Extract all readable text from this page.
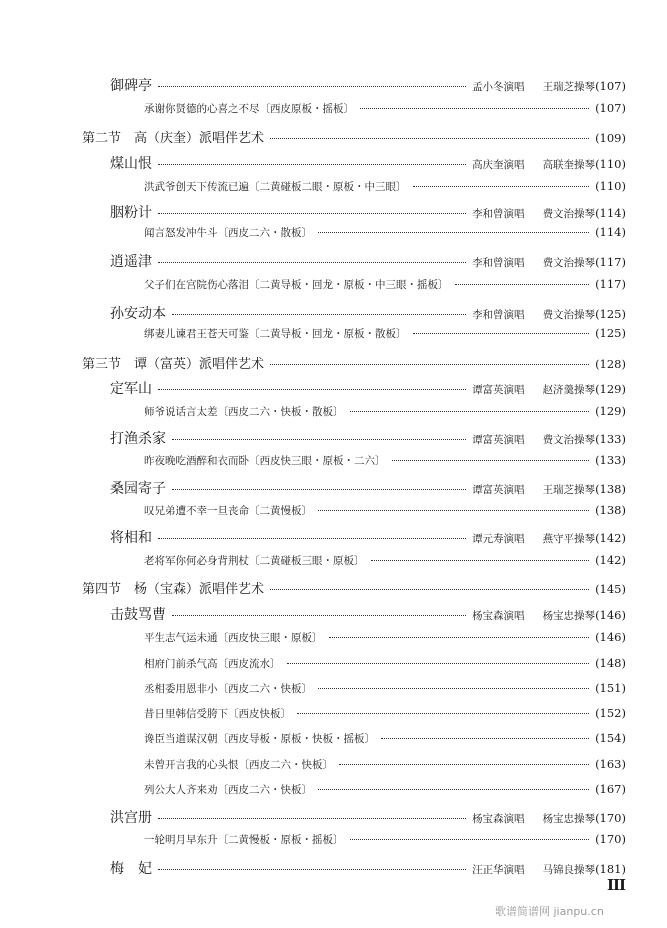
御碑亭	孟小冬演唱 王瑞芝操琴 (107)
承谢你贤德的心喜之不尽〔西皮原板・摇板〕	(107)
第二节　高（庆奎）派唱伴艺术	(109)
煤山恨	高庆奎演唱 高联奎操琴 (110)
洪武爷创天下传流已遍〔二黄碰板二眼・原板・中三眼〕	(110)
胭粉计	李和曾演唱 费文治操琴 (114)
闻言怒发冲牛斗〔西皮二六・散板〕	(114)
逍遥津	李和曾演唱 费文治操琴 (117)
父子们在宫院伤心落泪〔二黄导板・回龙・原板・中三眼・摇板〕	(117)
孙安动本	李和曾演唱 费文治操琴 (125)
绑妻儿谏君王苍天可鉴〔二黄导板・回龙・原板・散板〕	(125)
第三节　谭（富英）派唱伴艺术	(128)
定军山	谭富英演唱 赵济羹操琴 (129)
师爷说话言太差〔西皮二六・快板・散板〕	(129)
打渔杀家	谭富英演唱 费文治操琴 (133)
昨夜晚吃酒醉和衣而卧〔西皮快三眼・原板・二六〕	(133)
桑园寄子	谭富英演唱 王瑞芝操琴 (138)
叹兄弟遭不幸一旦丧命〔二黄慢板〕	(138)
将相和	谭元寿演唱 燕守平操琴 (142)
老将军你何必身背荆杖〔二黄碰板三眼・原板〕	(142)
第四节　杨（宝森）派唱伴艺术	(145)
击鼓骂曹	杨宝森演唱 杨宝忠操琴 (146)
平生志气运未通〔西皮快三眼・原板〕	(146)
相府门前杀气高〔西皮流水〕	(148)
丞相委用恩非小〔西皮二六・快板〕	(151)
昔日里韩信受胯下〔西皮快板〕	(152)
谗臣当道谋汉朝〔西皮导板・原板・快板・摇板〕	(154)
未曾开言我的心头恨〔西皮二六・快板〕	(163)
列公大人齐来劝〔西皮二六・快板〕	(167)
洪宫册	杨宝森演唱 杨宝忠操琴 (170)
一轮明月早东升〔二黄慢板・原板・摇板〕	(170)
梅　妃	汪正华演唱 马锦良操琴 (181)
III
歌谱简谱网 jianpu.cn
